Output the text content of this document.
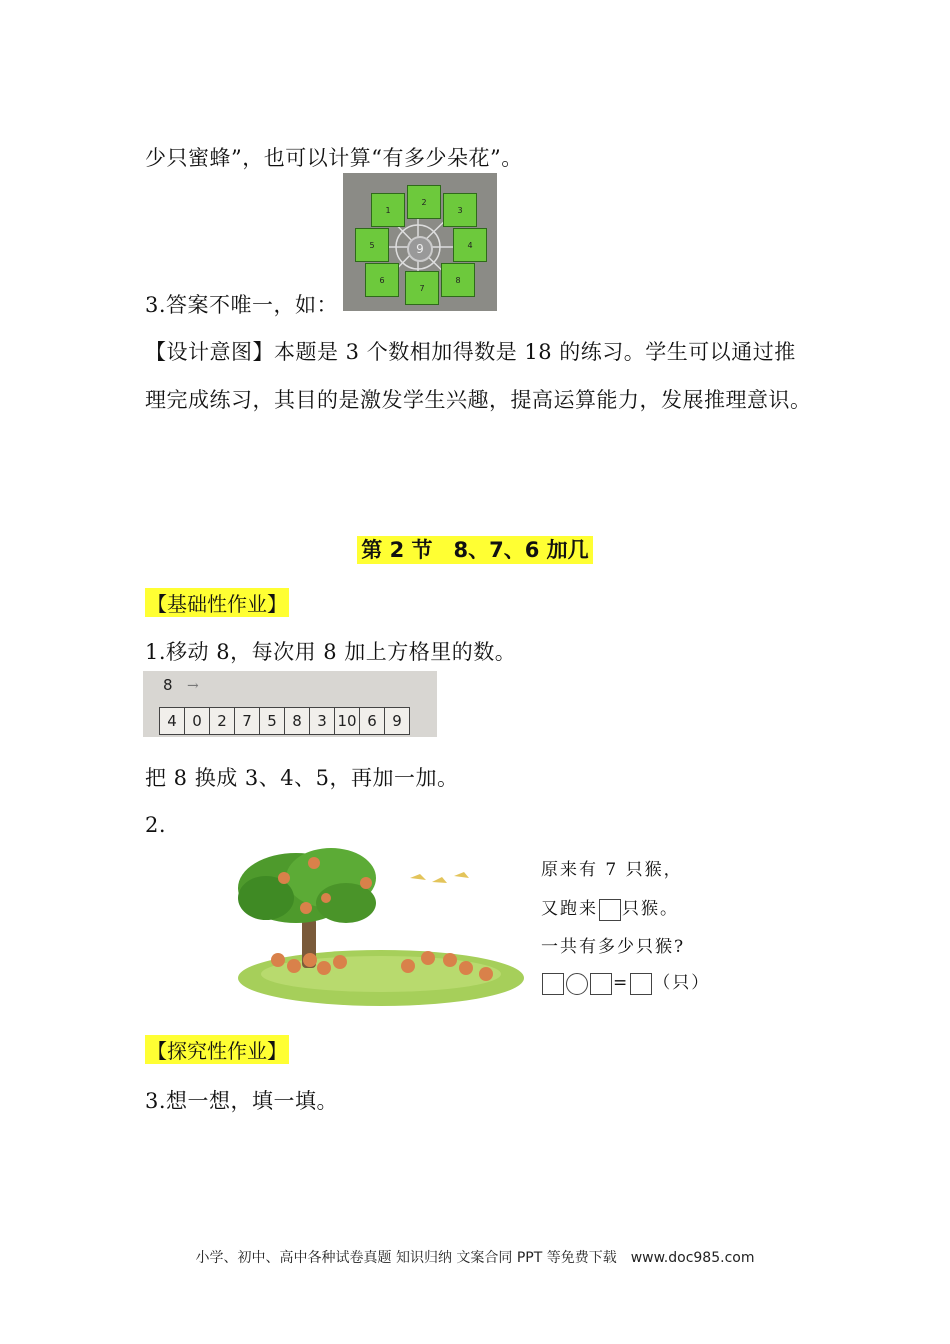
少只蜜蜂”，也可以计算“有多少朵花”。
1
2
3
4
5
6
7
8
9
3.答案不唯一，如：
【设计意图】本题是 3 个数相加得数是 18 的练习。学生可以通过推理完成练习，其目的是激发学生兴趣，提高运算能力，发展推理意识。
第 2 节　8、7、6 加几
【基础性作业】
1.移动 8，每次用 8 加上方格里的数。
8 →
4	0	2	7	5	8	3 10 6	9
把 8 换成 3、4、5，再加一加。
2.
原来有 7 只猴，
又跑来 只猴。
一共有多少只猴?
= （只）
【探究性作业】
3.想一想，填一填。
小学、初中、高中各种试卷真题 知识归纳 文案合同 PPT 等免费下载　www.doc985.com
